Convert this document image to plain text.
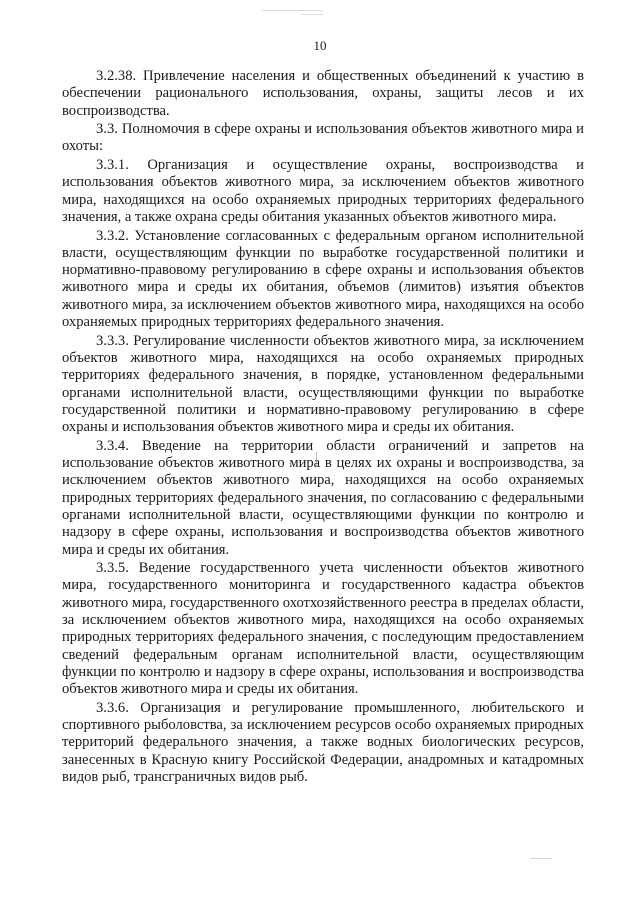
10

3.2.38. Привлечение населения и общественных объединений к участию в обеспечении рационального использования, охраны, защиты лесов и их воспроизводства.

3.3. Полномочия в сфере охраны и использования объектов животного мира и охоты:

3.3.1. Организация и осуществление охраны, воспроизводства и использования объектов животного мира, за исключением объектов животного мира, находящихся на особо охраняемых природных территориях федерального значения, а также охрана среды обитания указанных объектов животного мира.

3.3.2. Установление согласованных с федеральным органом исполнительной власти, осуществляющим функции по выработке государственной политики и нормативно-правовому регулированию в сфере охраны и использования объектов животного мира и среды их обитания, объемов (лимитов) изъятия объектов животного мира, за исключением объектов животного мира, находящихся на особо охраняемых природных территориях федерального значения.

3.3.3. Регулирование численности объектов животного мира, за исключением объектов животного мира, находящихся на особо охраняемых природных территориях федерального значения, в порядке, установленном федеральными органами исполнительной власти, осуществляющими функции по выработке государственной политики и нормативно-правовому регулированию в сфере охраны и использования объектов животного мира и среды их обитания.

3.3.4. Введение на территории области ограничений и запретов на использование объектов животного мира в целях их охраны и воспроизводства, за исключением объектов животного мира, находящихся на особо охраняемых природных территориях федерального значения, по согласованию с федеральными органами исполнительной власти, осуществляющими функции по контролю и надзору в сфере охраны, использования и воспроизводства объектов животного мира и среды их обитания.

3.3.5. Ведение государственного учета численности объектов животного мира, государственного мониторинга и государственного кадастра объектов животного мира, государственного охотхозяйственного реестра в пределах области, за исключением объектов животного мира, находящихся на особо охраняемых природных территориях федерального значения, с последующим предоставлением сведений федеральным органам исполнительной власти, осуществляющим функции по контролю и надзору в сфере охраны, использования и воспроизводства объектов животного мира и среды их обитания.

3.3.6. Организация и регулирование промышленного, любительского и спортивного рыболовства, за исключением ресурсов особо охраняемых природных территорий федерального значения, а также водных биологических ресурсов, занесенных в Красную книгу Российской Федерации, анадромных и катадромных видов рыб, трансграничных видов рыб.
